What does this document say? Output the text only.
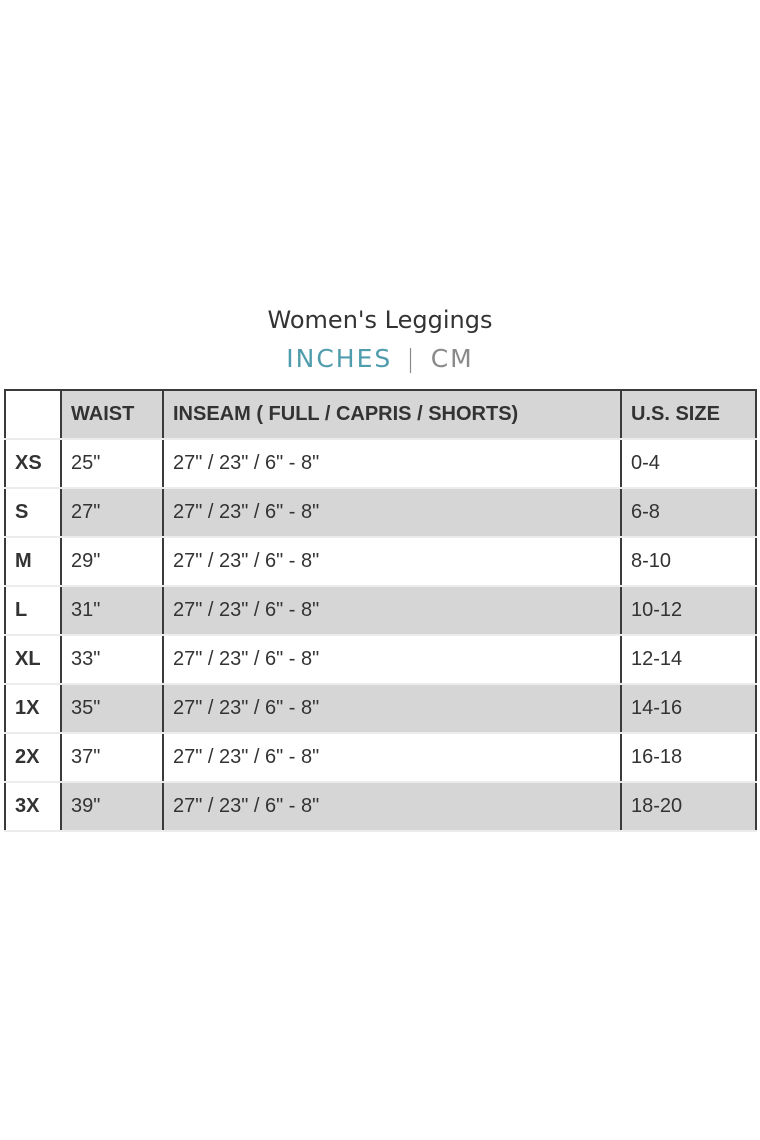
Women's Leggings
INCHES | CM
	WAIST	INSEAM ( FULL / CAPRIS / SHORTS)	U.S. SIZE
XS	25"	27" / 23" / 6" - 8"	0-4
S	27"	27" / 23" / 6" - 8"	6-8
M	29"	27" / 23" / 6" - 8"	8-10
L	31"	27" / 23" / 6" - 8"	10-12
XL	33"	27" / 23" / 6" - 8"	12-14
1X	35"	27" / 23" / 6" - 8"	14-16
2X	37"	27" / 23" / 6" - 8"	16-18
3X	39"	27" / 23" / 6" - 8"	18-20
